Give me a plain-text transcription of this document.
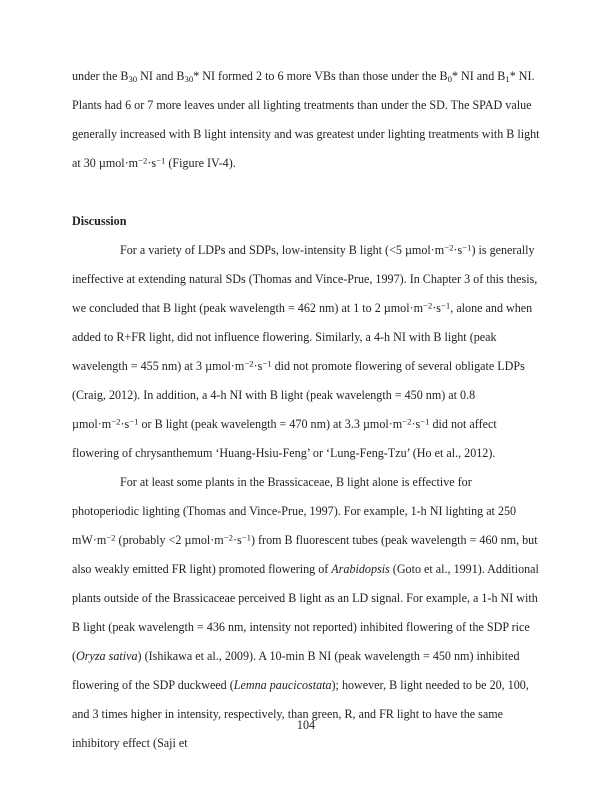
under the $B_{30}$ NI and $B_{30}*$ NI formed 2 to 6 more VBs than those under the $B_0*$ NI and $B_1*$ NI. Plants had 6 or 7 more leaves under all lighting treatments than under the SD. The SPAD value generally increased with B light intensity and was greatest under lighting treatments with B light at 30 $\mu mol\cdot m^{-2}\cdot s^{-1}$ (Figure IV-4).

Discussion

For a variety of LDPs and SDPs, low-intensity B light (<5 $\mu mol\cdot m^{-2}\cdot s^{-1}$) is generally ineffective at extending natural SDs (Thomas and Vince-Prue, 1997). In Chapter 3 of this thesis, we concluded that B light (peak wavelength = 462 nm) at 1 to 2 $\mu mol\cdot m^{-2}\cdot s^{-1}$, alone and when added to R+FR light, did not influence flowering. Similarly, a 4-h NI with B light (peak wavelength = 455 nm) at 3 $\mu mol\cdot m^{-2}\cdot s^{-1}$ did not promote flowering of several obligate LDPs (Craig, 2012). In addition, a 4-h NI with B light (peak wavelength = 450 nm) at 0.8 $\mu mol\cdot m^{-2}\cdot s^{-1}$ or B light (peak wavelength = 470 nm) at 3.3 $\mu mol\cdot m^{-2}\cdot s^{-1}$ did not affect flowering of chrysanthemum ‘Huang-Hsiu-Feng’ or ‘Lung-Feng-Tzu’ (Ho et al., 2012).

For at least some plants in the Brassicaceae, B light alone is effective for photoperiodic lighting (Thomas and Vince-Prue, 1997). For example, 1-h NI lighting at 250 $mW\cdot m^{-2}$ (probably <2 $\mu mol\cdot m^{-2}\cdot s^{-1}$) from B fluorescent tubes (peak wavelength = 460 nm, but also weakly emitted FR light) promoted flowering of Arabidopsis (Goto et al., 1991). Additional plants outside of the Brassicaceae perceived B light as an LD signal. For example, a 1-h NI with B light (peak wavelength = 436 nm, intensity not reported) inhibited flowering of the SDP rice (Oryza sativa) (Ishikawa et al., 2009). A 10-min B NI (peak wavelength = 450 nm) inhibited flowering of the SDP duckweed (Lemna paucicostata); however, B light needed to be 20, 100, and 3 times higher in intensity, respectively, than green, R, and FR light to have the same inhibitory effect (Saji et

104
